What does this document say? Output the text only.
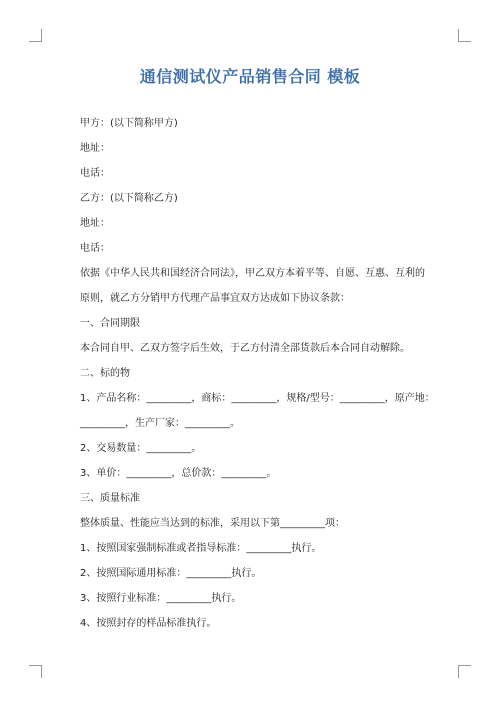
通信测试仪产品销售合同 模板
甲方：(以下简称甲方)
地址：
电话：
乙方：(以下简称乙方)
地址：
电话：
依据《中华人民共和国经济合同法》，甲乙双方本着平等、自愿、互惠、互利的
原则，就乙方分销甲方代理产品事宜双方达成如下协议条款：
一、合同期限
本合同自甲、乙双方签字后生效，于乙方付清全部货款后本合同自动解除。
二、标的物
1、产品名称：_________，商标：_________，规格/型号：_________，原产地：
_________，生产厂家：_________。
2、交易数量：_________。
3、单价：_________，总价款：_________。
三、质量标准
整体质量、性能应当达到的标准，采用以下第_________项：
1、按照国家强制标准或者指导标准：_________执行。
2、按照国际通用标准：_________执行。
3、按照行业标准：_________执行。
4、按照封存的样品标准执行。
